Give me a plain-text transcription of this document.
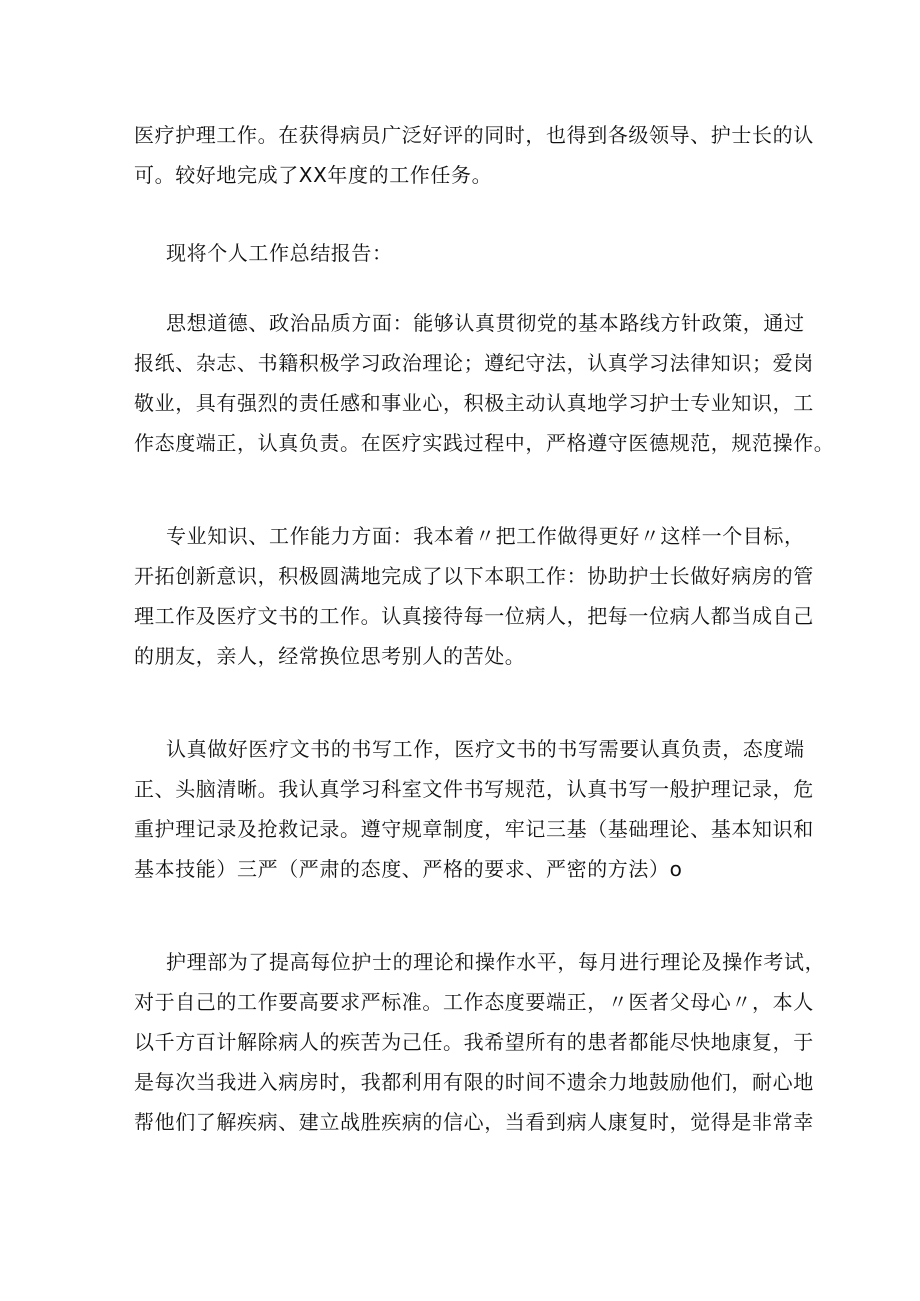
医疗护理工作。在获得病员广泛好评的同时，也得到各级领导、护士长的认
可。较好地完成了XX年度的工作任务。

现将个人工作总结报告：

思想道德、政治品质方面：能够认真贯彻党的基本路线方针政策，通过
报纸、杂志、书籍积极学习政治理论；遵纪守法，认真学习法律知识；爱岗
敬业，具有强烈的责任感和事业心，积极主动认真地学习护士专业知识，工
作态度端正，认真负责。在医疗实践过程中，严格遵守医德规范，规范操作。

专业知识、工作能力方面：我本着〃把工作做得更好〃这样一个目标，
开拓创新意识，积极圆满地完成了以下本职工作：协助护士长做好病房的管
理工作及医疗文书的工作。认真接待每一位病人，把每一位病人都当成自己
的朋友，亲人，经常换位思考别人的苦处。

认真做好医疗文书的书写工作，医疗文书的书写需要认真负责，态度端
正、头脑清晰。我认真学习科室文件书写规范，认真书写一般护理记录，危
重护理记录及抢救记录。遵守规章制度，牢记三基（基础理论、基本知识和
基本技能）三严（严肃的态度、严格的要求、严密的方法）o

护理部为了提高每位护士的理论和操作水平，每月进行理论及操作考试，
对于自己的工作要高要求严标准。工作态度要端正，〃医者父母心〃，本人
以千方百计解除病人的疾苦为己任。我希望所有的患者都能尽快地康复，于
是每次当我进入病房时，我都利用有限的时间不遗余力地鼓励他们，耐心地
帮他们了解疾病、建立战胜疾病的信心，当看到病人康复时，觉得是非常幸
